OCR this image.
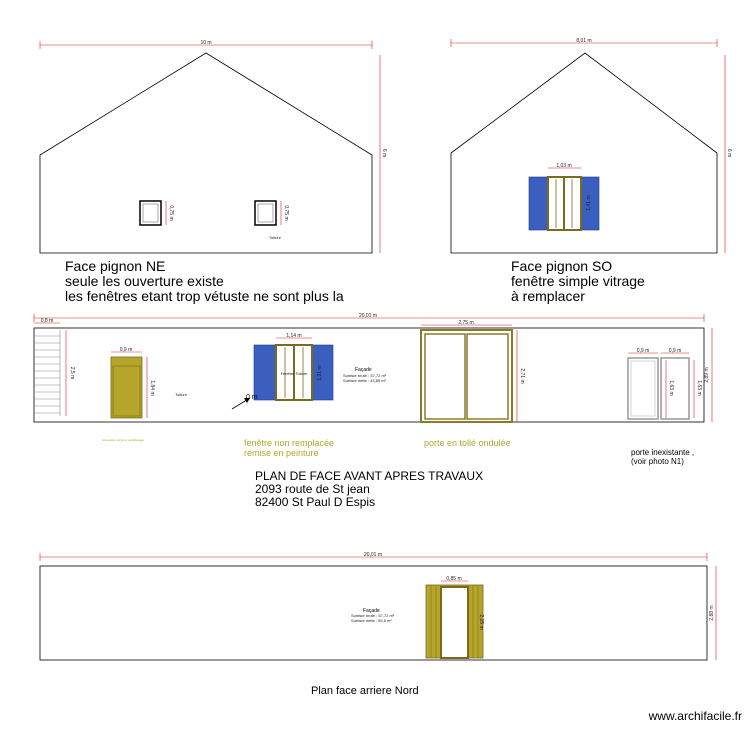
10 m
6 m
0,75 m	0,75 m
Toiture
8,01 m
6 m
1,03 m
1,41 m
20,01 m
2,89 m
0,8 m
2,5 m
0,9 m
1,84 m	Toiture
1,14 m
Fenêtre Toiture 1,21 m
0 m
Façade
Surface brute : 57,72 m²
Surface nette : 43,89 m²
2,75 m
2,71 m
0,9 m	0,9 m
1,63 m	1,63 m
20,01 m
2,88 m
0,85 m
2,15 m
Façade
Surface brute : 57,72 m²
Surface nette : 55,6 m²
Face pignon NE
seule les ouverture existe
les fenêtres etant trop vétuste ne sont plus la
Face pignon SO
fenêtre simple vitrage
à remplacer
rénovation porte et remplissage	fenêtre non remplacée
remise en peinture
porte en tollé ondulée
porte inexistante ,
(voir photo N1)
PLAN DE FACE AVANT APRES TRAVAUX
2093 route de St jean
82400 St Paul D Espis
Plan face arriere Nord
www.archifacile.fr
